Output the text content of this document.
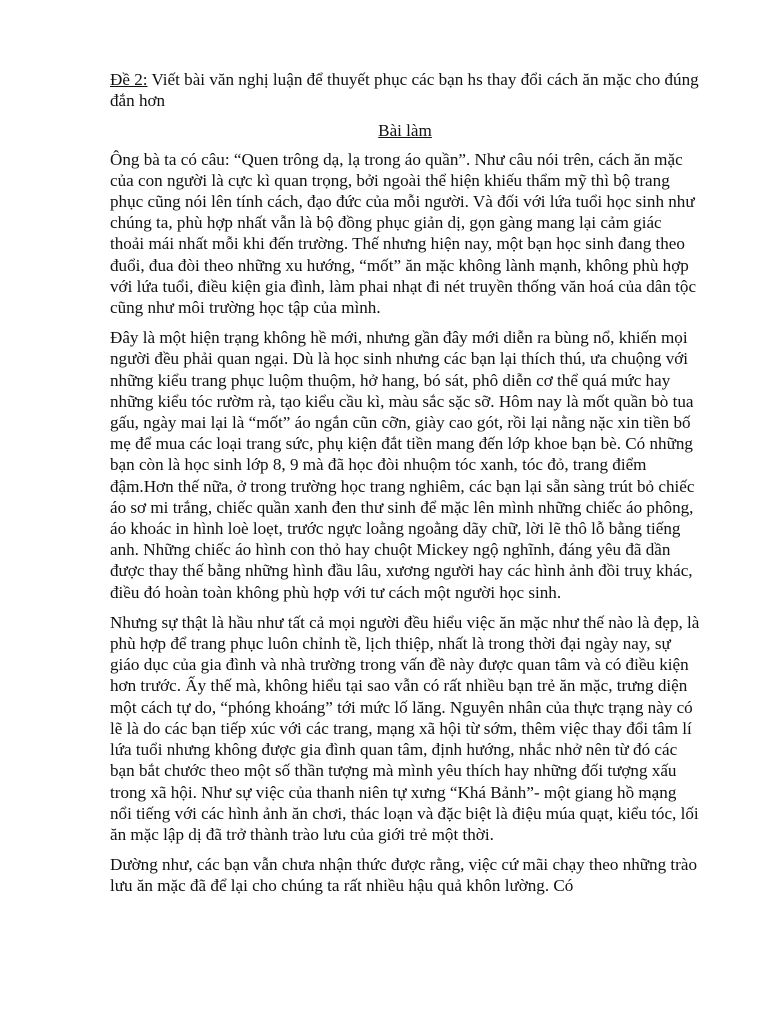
Đề 2: Viết bài văn nghị luận để thuyết phục các bạn hs thay đổi cách ăn mặc cho đúng đắn hơn

Bài làm

Ông bà ta có câu: “Quen trông dạ, lạ trong áo quần”. Như câu nói trên, cách ăn mặc của con người là cực kì quan trọng, bởi ngoài thể hiện khiếu thẩm mỹ thì bộ trang phục cũng nói lên tính cách, đạo đức của mỗi người. Và đối với lứa tuổi học sinh như chúng ta, phù hợp nhất vẫn là bộ đồng phục giản dị, gọn gàng mang lại cảm giác thoải mái nhất mỗi khi đến trường. Thế nhưng hiện nay, một bạn học sinh đang theo đuổi, đua đòi theo những xu hướng, “mốt” ăn mặc không lành mạnh, không phù hợp với lứa tuổi, điều kiện gia đình, làm phai nhạt đi nét truyền thống văn hoá của dân tộc cũng như môi trường học tập của mình.

Đây là một hiện trạng không hề mới, nhưng gần đây mới diễn ra bùng nổ, khiến mọi người đều phải quan ngại. Dù là học sinh nhưng các bạn lại thích thú, ưa chuộng với những kiểu trang phục luộm thuộm, hở hang, bó sát, phô diễn cơ thể quá mức hay những kiểu tóc rườm rà, tạo kiểu cầu kì, màu sắc sặc sỡ. Hôm nay là mốt quần bò tua gấu, ngày mai lại là “mốt” áo ngắn cũn cỡn, giày cao gót, rồi lại nằng nặc xin tiền bố mẹ để mua các loại trang sức, phụ kiện đắt tiền mang đến lớp khoe bạn bè. Có những bạn còn là học sinh lớp 8, 9 mà đã học đòi nhuộm tóc xanh, tóc đỏ, trang điểm đậm.Hơn thế nữa, ở trong trường học trang nghiêm, các bạn lại sẵn sàng trút bỏ chiếc áo sơ mi trắng, chiếc quần xanh đen thư sinh để mặc lên mình những chiếc áo phông, áo khoác in hình loè loẹt, trước ngực loằng ngoằng dãy chữ, lời lẽ thô lỗ bằng tiếng anh. Những chiếc áo hình con thỏ hay chuột Mickey ngộ nghĩnh, đáng yêu đã dần được thay thế bằng những hình đầu lâu, xương người hay các hình ảnh đồi truỵ khác, điều đó hoàn toàn không phù hợp với tư cách một người học sinh.

Nhưng sự thật là hầu như tất cả mọi người đều hiểu việc ăn mặc như thế nào là đẹp, là phù hợp để trang phục luôn chỉnh tề, lịch thiệp, nhất là trong thời đại ngày nay, sự giáo dục của gia đình và nhà trường trong vấn đề này được quan tâm và có điều kiện hơn trước. Ấy thế mà, không hiểu tại sao vẫn có rất nhiều bạn trẻ ăn mặc, trưng diện một cách tự do, “phóng khoáng” tới mức lố lăng. Nguyên nhân của thực trạng này có lẽ là do các bạn tiếp xúc với các trang, mạng xã hội từ sớm, thêm việc thay đổi tâm lí lứa tuổi nhưng không được gia đình quan tâm, định hướng, nhắc nhở nên từ đó các bạn bắt chước theo một số thần tượng mà mình yêu thích hay những đối tượng xấu trong xã hội. Như sự việc của thanh niên tự xưng “Khá Bảnh”- một giang hồ mạng nổi tiếng với các hình ảnh ăn chơi, thác loạn và đặc biệt là điệu múa quạt, kiểu tóc, lối ăn mặc lập dị đã trở thành trào lưu của giới trẻ một thời.

Dường như, các bạn vẫn chưa nhận thức được rằng, việc cứ mãi chạy theo những trào lưu ăn mặc đã để lại cho chúng ta rất nhiều hậu quả khôn lường. Có
